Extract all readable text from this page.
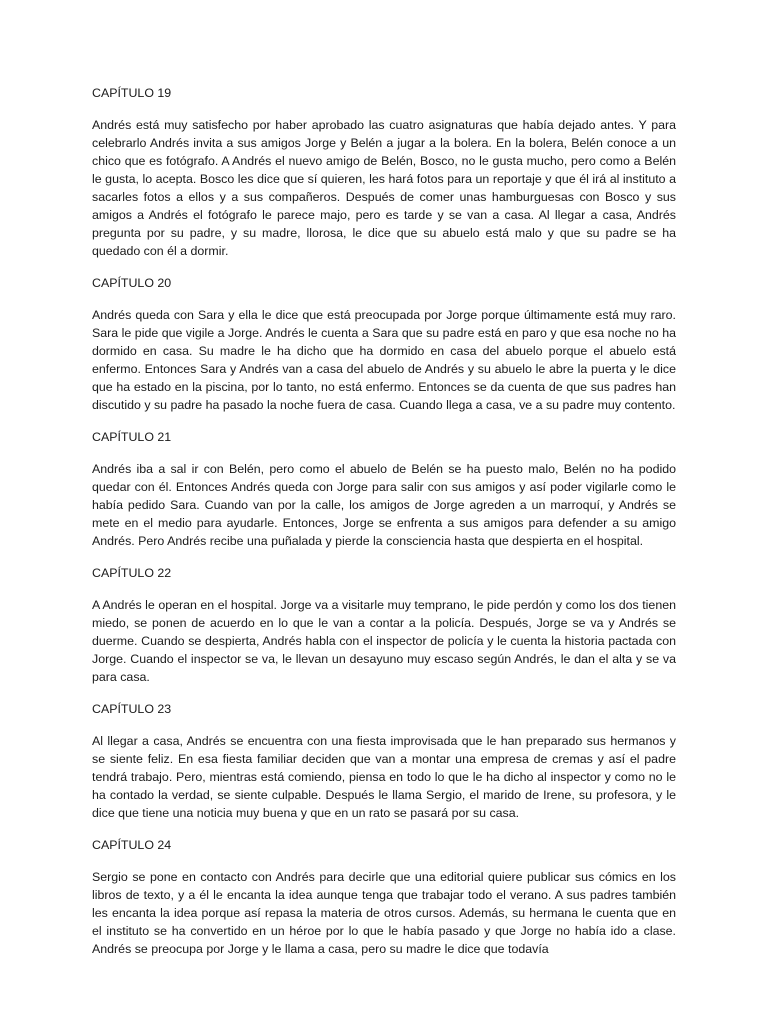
CAPÍTULO 19

Andrés está muy satisfecho por haber aprobado las cuatro asignaturas que había dejado antes. Y para celebrarlo Andrés invita a sus amigos Jorge y Belén a jugar a la bolera. En la bolera, Belén conoce a un chico que es fotógrafo. A Andrés el nuevo amigo de Belén, Bosco, no le gusta mucho, pero como a Belén le gusta, lo acepta. Bosco les dice que sí quieren, les hará fotos para un reportaje y que él irá al instituto a sacarles fotos a ellos y a sus compañeros. Después de comer unas hamburguesas con Bosco y sus amigos a Andrés el fotógrafo le parece majo, pero es tarde y se van a casa. Al llegar a casa, Andrés pregunta por su padre, y su madre, llorosa, le dice que su abuelo está malo y que su padre se ha quedado con él a dormir.

CAPÍTULO 20

Andrés queda con Sara y ella le dice que está preocupada por Jorge porque últimamente está muy raro. Sara le pide que vigile a Jorge. Andrés le cuenta a Sara que su padre está en paro y que esa noche no ha dormido en casa. Su madre le ha dicho que ha dormido en casa del abuelo porque el abuelo está enfermo. Entonces Sara y Andrés van a casa del abuelo de Andrés y su abuelo le abre la puerta y le dice que ha estado en la piscina, por lo tanto, no está enfermo. Entonces se da cuenta de que sus padres han discutido y su padre ha pasado la noche fuera de casa. Cuando llega a casa, ve a su padre muy contento.

CAPÍTULO 21

Andrés iba a sal ir con Belén, pero como el abuelo de Belén se ha puesto malo, Belén no ha podido quedar con él. Entonces Andrés queda con Jorge para salir con sus amigos y así poder vigilarle como le había pedido Sara. Cuando van por la calle, los amigos de Jorge agreden a un marroquí, y Andrés se mete en el medio para ayudarle. Entonces, Jorge se enfrenta a sus amigos para defender a su amigo Andrés. Pero Andrés recibe una puñalada y pierde la consciencia hasta que despierta en el hospital.

CAPÍTULO 22

A Andrés le operan en el hospital. Jorge va a visitarle muy temprano, le pide perdón y como los dos tienen miedo, se ponen de acuerdo en lo que le van a contar a la policía. Después, Jorge se va y Andrés se duerme. Cuando se despierta, Andrés habla con el inspector de policía y le cuenta la historia pactada con Jorge. Cuando el inspector se va, le llevan un desayuno muy escaso según Andrés, le dan el alta y se va para casa.

CAPÍTULO 23

Al llegar a casa, Andrés se encuentra con una fiesta improvisada que le han preparado sus hermanos y se siente feliz. En esa fiesta familiar deciden que van a montar una empresa de cremas y así el padre tendrá trabajo. Pero, mientras está comiendo, piensa en todo lo que le ha dicho al inspector y como no le ha contado la verdad, se siente culpable. Después le llama Sergio, el marido de Irene, su profesora, y le dice que tiene una noticia muy buena y que en un rato se pasará por su casa.

CAPÍTULO 24

Sergio se pone en contacto con Andrés para decirle que una editorial quiere publicar sus cómics en los libros de texto, y a él le encanta la idea aunque tenga que trabajar todo el verano. A sus padres también les encanta la idea porque así repasa la materia de otros cursos. Además, su hermana le cuenta que en el instituto se ha convertido en un héroe por lo que le había pasado y que Jorge no había ido a clase. Andrés se preocupa por Jorge y le llama a casa, pero su madre le dice que todavía
